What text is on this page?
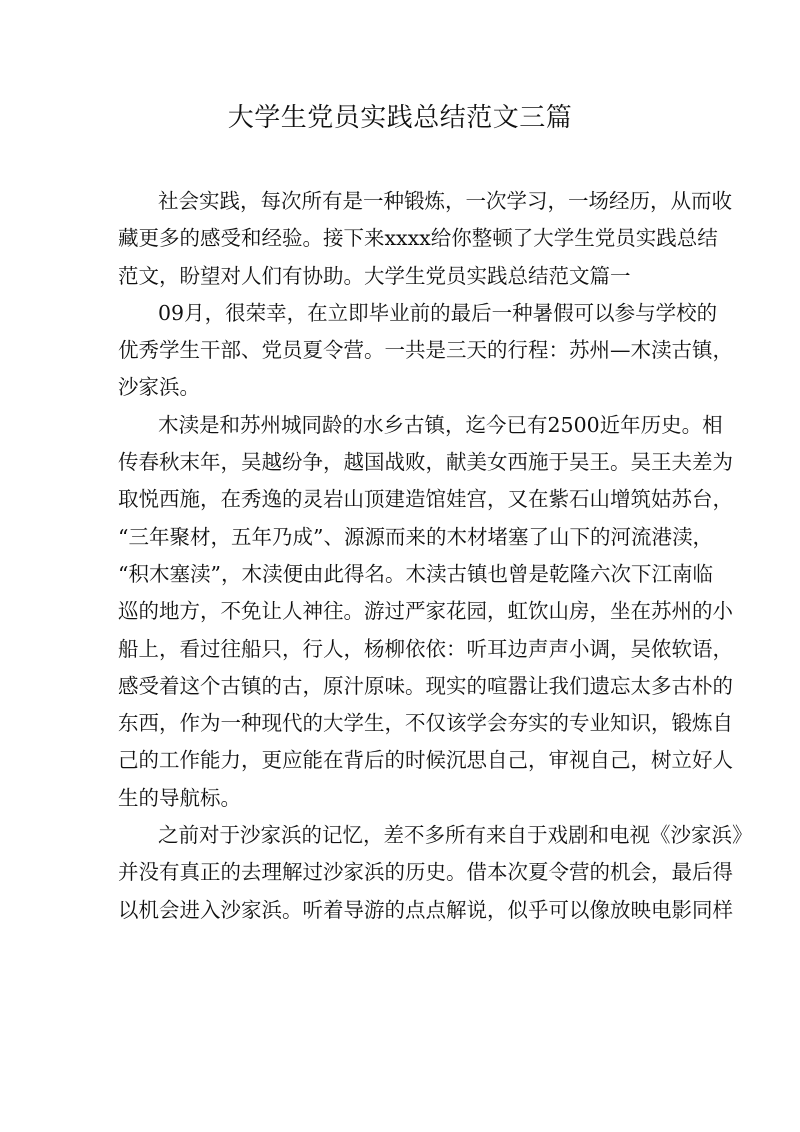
大学生党员实践总结范文三篇
社会实践，每次所有是一种锻炼，一次学习，一场经历，从而收
藏更多的感受和经验。接下来xxxx给你整顿了大学生党员实践总结
范文，盼望对人们有协助。大学生党员实践总结范文篇一
09月，很荣幸，在立即毕业前的最后一种暑假可以参与学校的
优秀学生干部、党员夏令营。一共是三天的行程：苏州—木渎古镇，
沙家浜。
木渎是和苏州城同龄的水乡古镇，迄今已有2500近年历史。相
传春秋末年，吴越纷争，越国战败，献美女西施于吴王。吴王夫差为
取悦西施，在秀逸的灵岩山顶建造馆娃宫，又在紫石山增筑姑苏台，
“三年聚材，五年乃成”、源源而来的木材堵塞了山下的河流港渎，
“积木塞渎”，木渎便由此得名。木渎古镇也曾是乾隆六次下江南临
巡的地方，不免让人神往。游过严家花园，虹饮山房，坐在苏州的小
船上，看过往船只，行人，杨柳依依：听耳边声声小调，吴侬软语，
感受着这个古镇的古，原汁原味。现实的喧嚣让我们遗忘太多古朴的
东西，作为一种现代的大学生，不仅该学会夯实的专业知识，锻炼自
己的工作能力，更应能在背后的时候沉思自己，审视自己，树立好人
生的导航标。
之前对于沙家浜的记忆，差不多所有来自于戏剧和电视《沙家浜》
并没有真正的去理解过沙家浜的历史。借本次夏令营的机会，最后得
以机会进入沙家浜。听着导游的点点解说，似乎可以像放映电影同样
